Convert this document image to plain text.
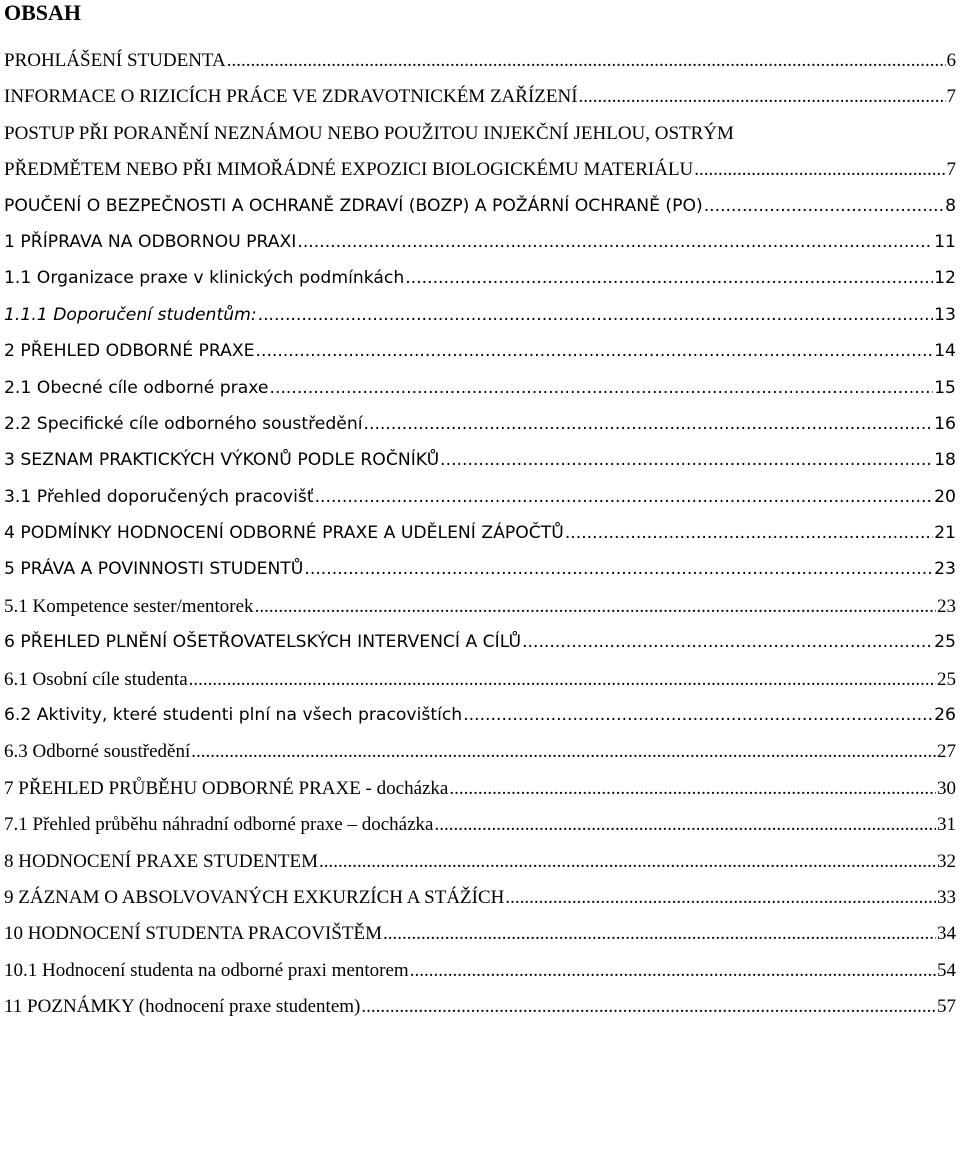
OBSAH
PROHLÁŠENÍ STUDENTA .....	6
INFORMACE O RIZICÍCH PRÁCE VE ZDRAVOTNICKÉM ZAŘÍZENÍ .....	7
POSTUP PŘI PORANĚNÍ NEZNÁMOU NEBO POUŽITOU INJEKČNÍ JEHLOU, OSTRÝM
PŘEDMĚTEM NEBO PŘI MIMOŘÁDNÉ EXPOZICI BIOLOGICKÉMU MATERIÁLU .....	7
POUČENÍ O BEZPEČNOSTI A OCHRANĚ ZDRAVÍ (BOZP) A POŽÁRNÍ OCHRANĚ (PO) .....	8
1 PŘÍPRAVA NA ODBORNOU PRAXI .....	11
1.1 Organizace praxe v klinických podmínkách .....	12
1.1.1 Doporučení studentům: .....	13
2 PŘEHLED ODBORNÉ PRAXE .....	14
2.1 Obecné cíle odborné praxe .....	15
2.2 Specifické cíle odborného soustředění .....	16
3 SEZNAM PRAKTICKÝCH VÝKONŮ PODLE ROČNÍKŮ .....	18
3.1 Přehled doporučených pracovišť .....	20
4 PODMÍNKY HODNOCENÍ ODBORNÉ PRAXE A UDĚLENÍ ZÁPOČTŮ .....	21
5 PRÁVA A POVINNOSTI STUDENTŮ .....	23
5.1 Kompetence sester/mentorek .....	23
6 PŘEHLED PLNĚNÍ OŠETŘOVATELSKÝCH INTERVENCÍ A CÍLŮ .....	25
6.1 Osobní cíle studenta .....	25
6.2 Aktivity, které studenti plní na všech pracovištích .....	26
6.3 Odborné soustředění .....	27
7 PŘEHLED PRŮBĚHU ODBORNÉ PRAXE - docházka .....	30
7.1 Přehled průběhu náhradní odborné praxe – docházka .....	31
8 HODNOCENÍ PRAXE STUDENTEM .....	32
9 ZÁZNAM O ABSOLVOVANÝCH EXKURZÍCH A STÁŽÍCH .....	33
10 HODNOCENÍ STUDENTA PRACOVIŠTĚM .....	34
10.1 Hodnocení studenta na odborné praxi mentorem .....	54
11 POZNÁMKY (hodnocení praxe studentem) .....	57
